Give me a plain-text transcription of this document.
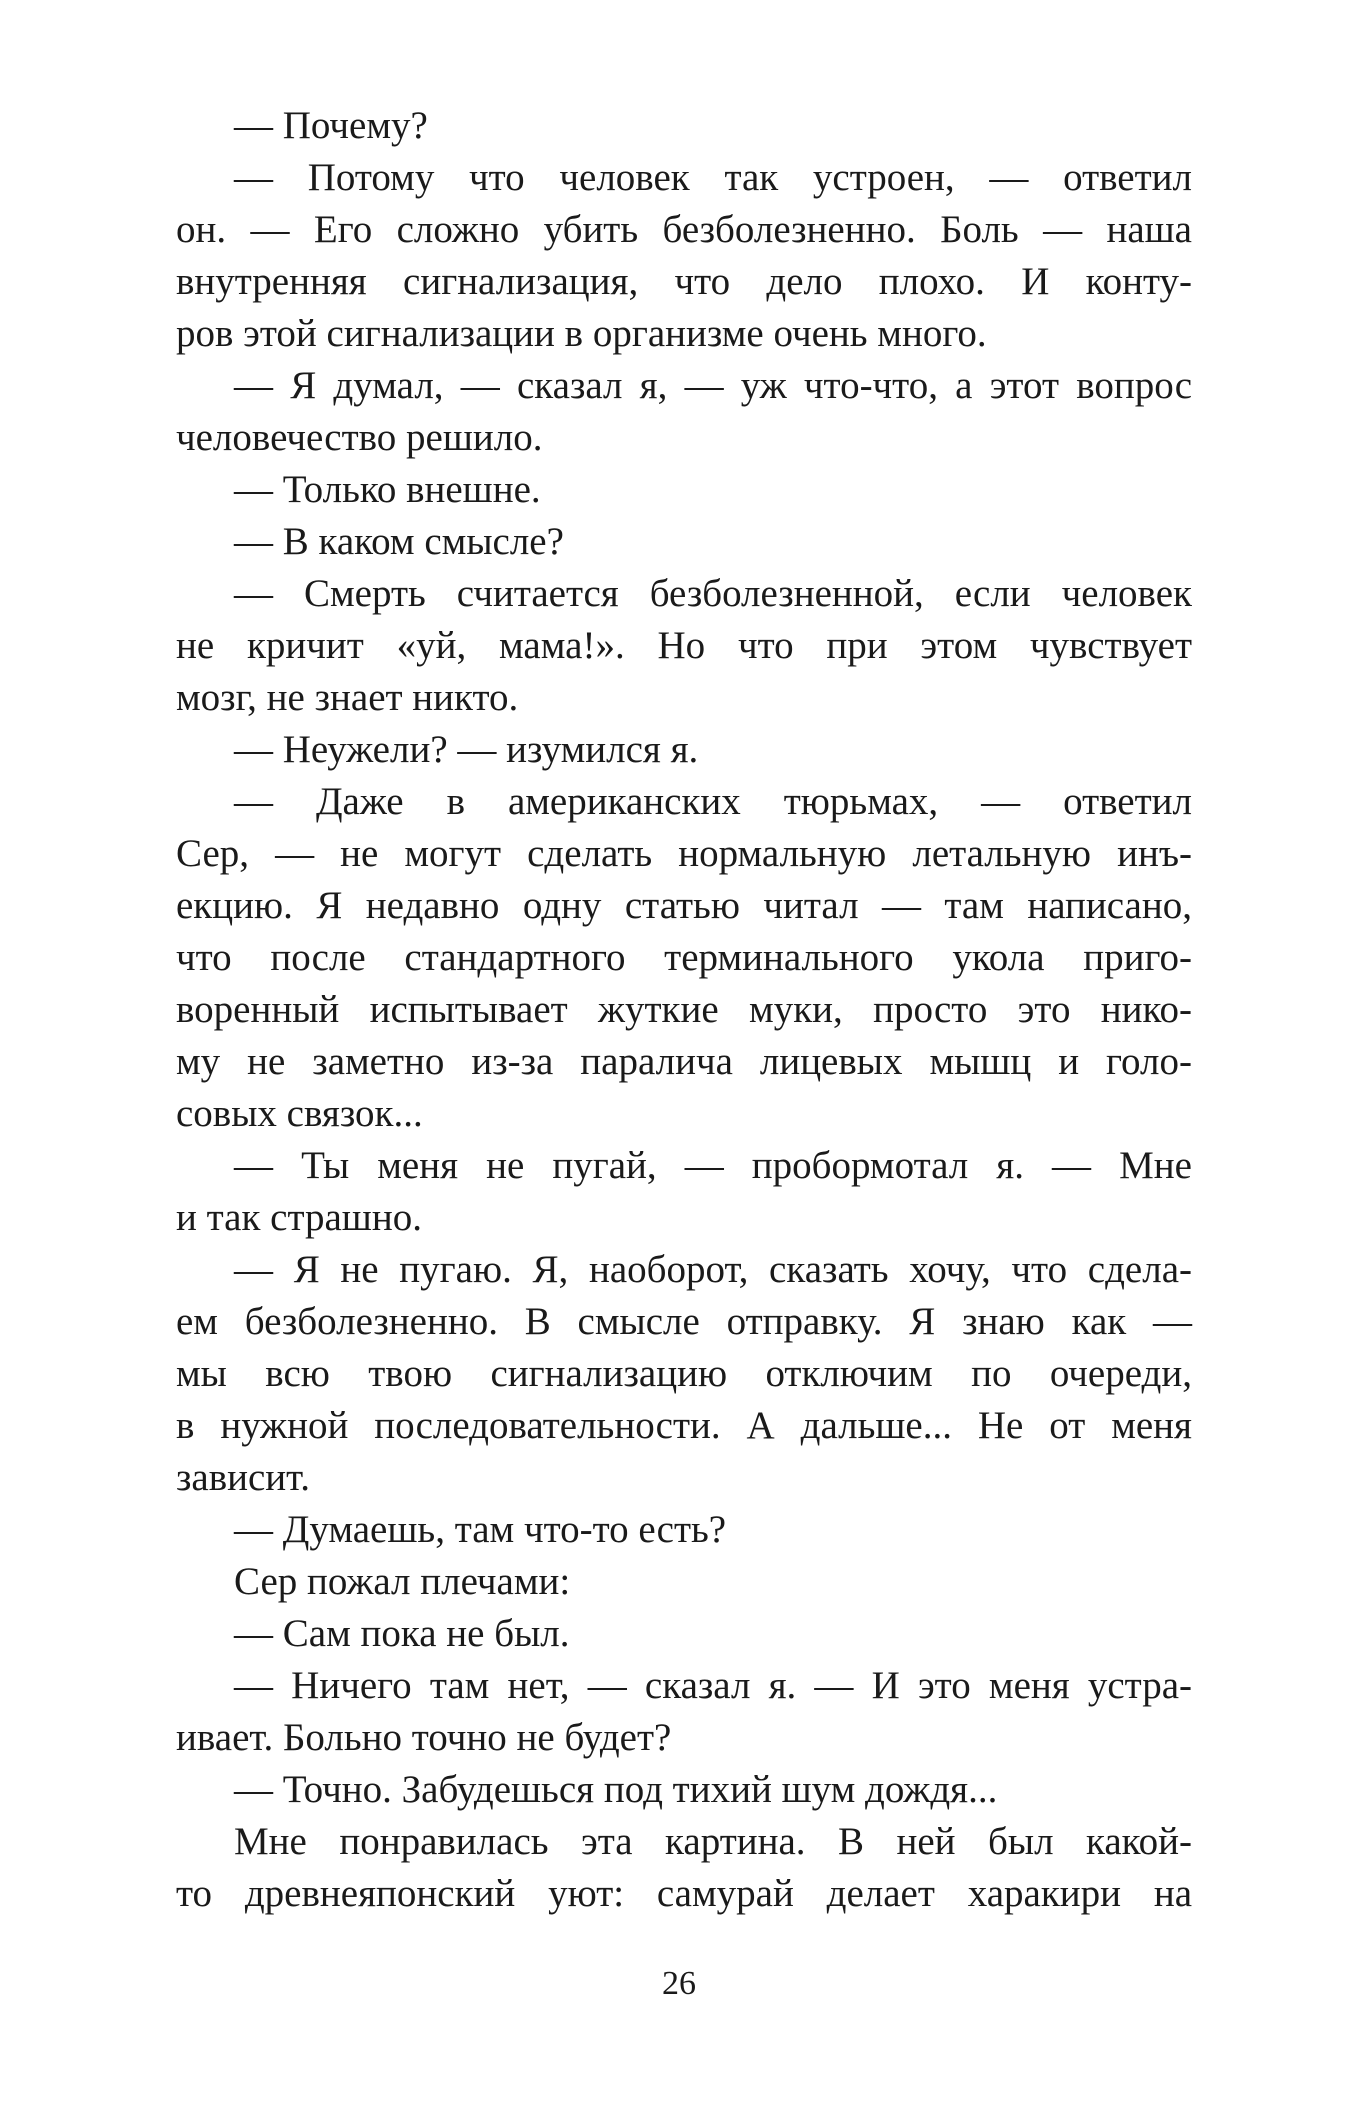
— Почему?
— Потому что человек так устроен, — ответил
он. — Его сложно убить безболезненно. Боль — наша
внутренняя сигнализация, что дело плохо. И конту-
ров этой сигнализации в организме очень много.
— Я думал, — сказал я, — уж что-что, а этот вопрос
человечество решило.
— Только внешне.
— В каком смысле?
— Смерть считается безболезненной, если человек
не кричит «уй, мама!». Но что при этом чувствует
мозг, не знает никто.
— Неужели? — изумился я.
— Даже в американских тюрьмах, — ответил
Сер, — не могут сделать нормальную летальную инъ-
екцию. Я недавно одну статью читал — там написано,
что после стандартного терминального укола приго-
воренный испытывает жуткие муки, просто это нико-
му не заметно из-за паралича лицевых мышц и голо-
совых связок...
— Ты меня не пугай, — пробормотал я. — Мне
и так страшно.
— Я не пугаю. Я, наоборот, сказать хочу, что сдела-
ем безболезненно. В смысле отправку. Я знаю как —
мы всю твою сигнализацию отключим по очереди,
в нужной последовательности. А дальше... Не от меня
зависит.
— Думаешь, там что-то есть?
Сер пожал плечами:
— Сам пока не был.
— Ничего там нет, — сказал я. — И это меня устра-
ивает. Больно точно не будет?
— Точно. Забудешься под тихий шум дождя...
Мне понравилась эта картина. В ней был какой-
то древнеяпонский уют: самурай делает харакири на
26
